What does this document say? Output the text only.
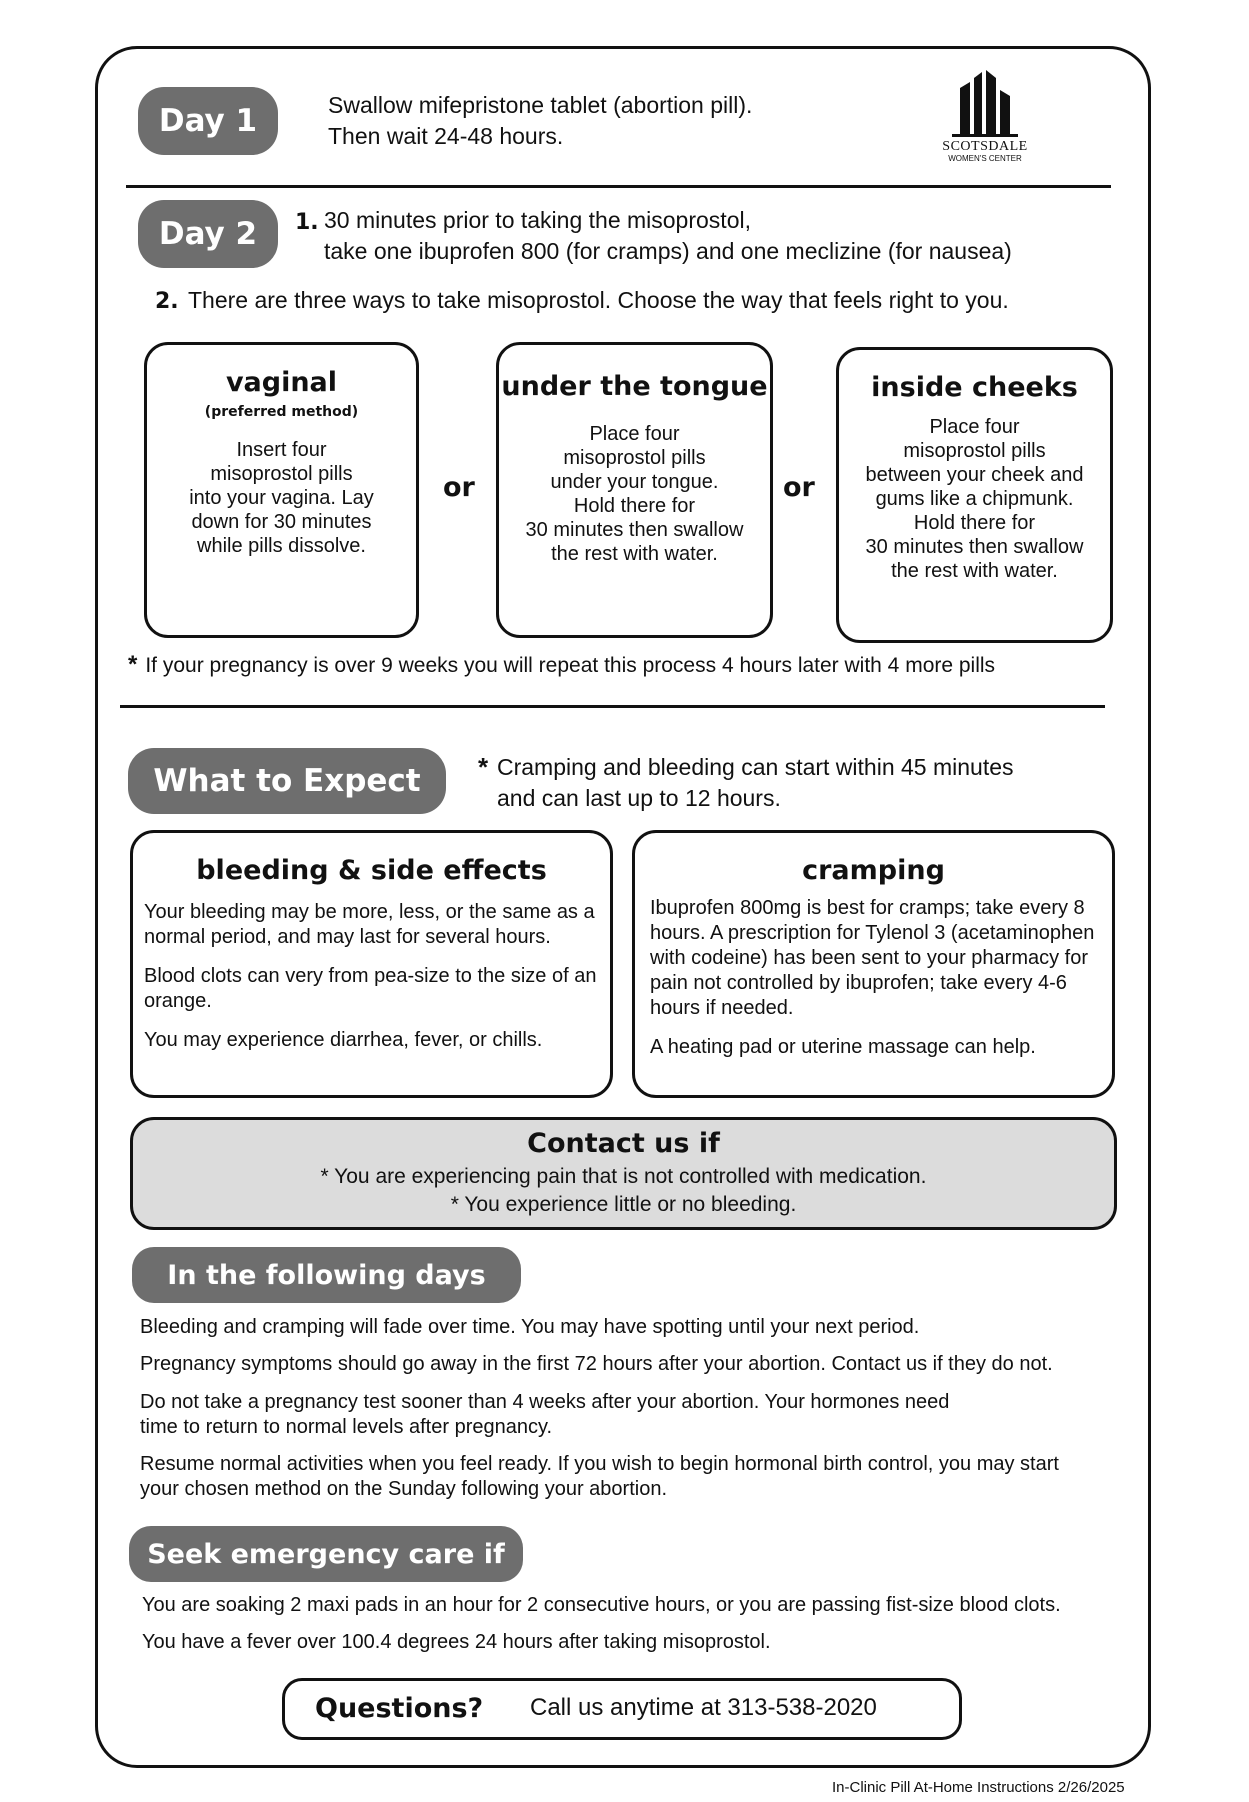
Day 1	Swallow mifepristone tablet (abortion pill).
Then wait 24-48 hours.	SCOTSDALE
WOMEN'S CENTER
Day 2 1. 30 minutes prior to taking the misoprostol,
take one ibuprofen 800 (for cramps) and one meclizine (for nausea)
2. There are three ways to take misoprostol. Choose the way that feels right to you.
vaginal
(preferred method)
Insert four
misoprostol pills
into your vagina. Lay
down for 30 minutes
while pills dissolve.
or
under the tongue
Place four
misoprostol pills
under your tongue.
Hold there for
30 minutes then swallow
the rest with water.
or
inside cheeks
Place four
misoprostol pills
between your cheek and
gums like a chipmunk.
Hold there for
30 minutes then swallow
the rest with water.
* If your pregnancy is over 9 weeks you will repeat this process 4 hours later with 4 more pills
What to Expect * Cramping and bleeding can start within 45 minutes
and can last up to 12 hours.
bleeding & side effects
Your bleeding may be more, less, or the same as a normal period, and may last for several hours.
Blood clots can very from pea-size to the size of an orange.
You may experience diarrhea, fever, or chills.
cramping
Ibuprofen 800mg is best for cramps; take every 8 hours. A prescription for Tylenol 3 (acetaminophen with codeine) has been sent to your pharmacy for pain not controlled by ibuprofen; take every 4-6 hours if needed.
A heating pad or uterine massage can help.
Contact us if
* You are experiencing pain that is not controlled with medication.
* You experience little or no bleeding.
In the following days
Bleeding and cramping will fade over time. You may have spotting until your next period.
Pregnancy symptoms should go away in the first 72 hours after your abortion. Contact us if they do not.
Do not take a pregnancy test sooner than 4 weeks after your abortion. Your hormones need
time to return to normal levels after pregnancy.
Resume normal activities when you feel ready. If you wish to begin hormonal birth control, you may start
your chosen method on the Sunday following your abortion.
Seek emergency care if
You are soaking 2 maxi pads in an hour for 2 consecutive hours, or you are passing fist-size blood clots.
You have a fever over 100.4 degrees 24 hours after taking misoprostol.
Questions? Call us anytime at 313-538-2020
In-Clinic Pill At-Home Instructions 2/26/2025
